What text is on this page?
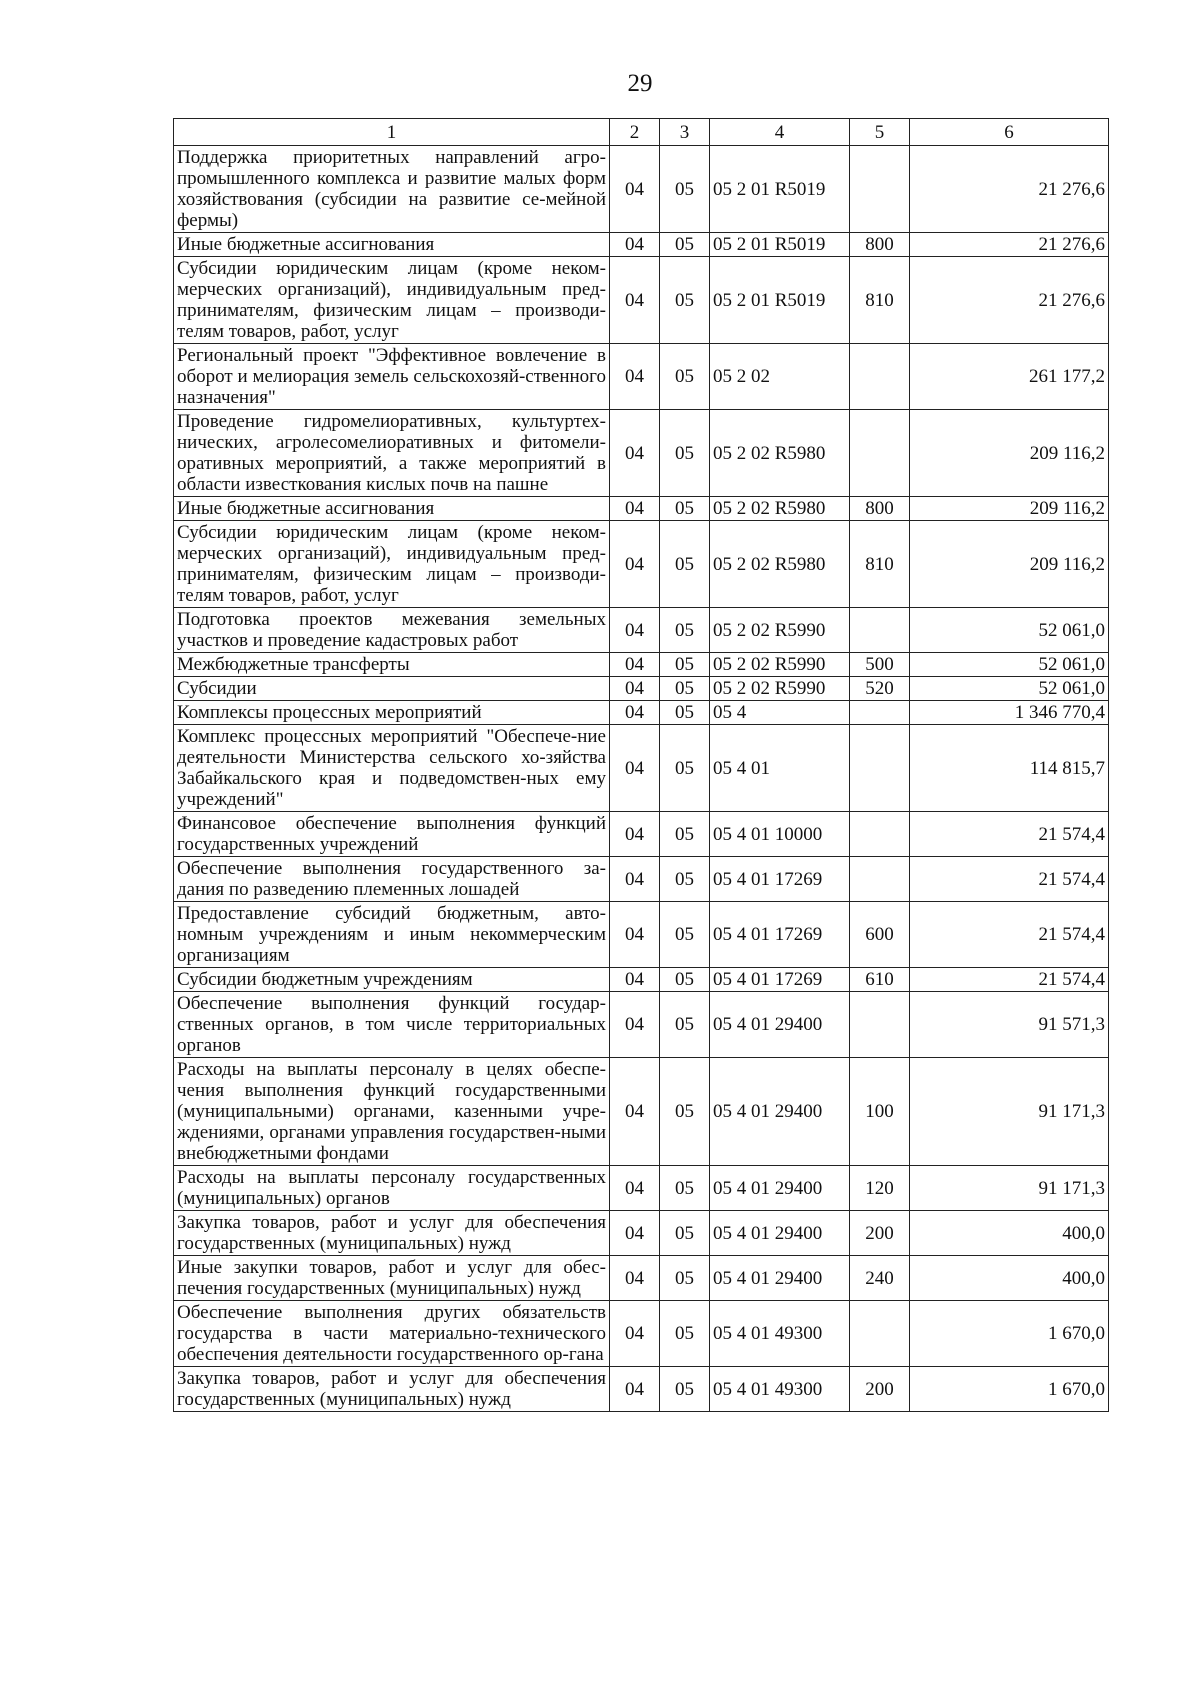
29
1	2	3	4	5	6
Поддержка приоритетных направлений агро-промышленного комплекса и развитие малых форм хозяйствования (субсидии на развитие се-мейной фермы)	04	05	05 2 01 R5019		21 276,6
Иные бюджетные ассигнования	04	05	05 2 01 R5019	800	21 276,6
Субсидии юридическим лицам (кроме неком-мерческих организаций), индивидуальным пред-принимателям, физическим лицам – производи-телям товаров, работ, услуг	04	05	05 2 01 R5019	810	21 276,6
Региональный проект "Эффективное вовлечение в оборот и мелиорация земель сельскохозяй-ственного назначения"	04	05	05 2 02		261 177,2
Проведение гидромелиоративных, культуртех-нических, агролесомелиоративных и фитомели-оративных мероприятий, а также мероприятий в области известкования кислых почв на пашне	04	05	05 2 02 R5980		209 116,2
Иные бюджетные ассигнования	04	05	05 2 02 R5980	800	209 116,2
Субсидии юридическим лицам (кроме неком-мерческих организаций), индивидуальным пред-принимателям, физическим лицам – производи-телям товаров, работ, услуг	04	05	05 2 02 R5980	810	209 116,2
Подготовка проектов межевания земельных участков и проведение кадастровых работ	04	05	05 2 02 R5990		52 061,0
Межбюджетные трансферты	04	05	05 2 02 R5990	500	52 061,0
Субсидии	04	05	05 2 02 R5990	520	52 061,0
Комплексы процессных мероприятий	04	05	05 4		1 346 770,4
Комплекс процессных мероприятий "Обеспече-ние деятельности Министерства сельского хо-зяйства Забайкальского края и подведомствен-ных ему учреждений"	04	05	05 4 01		114 815,7
Финансовое обеспечение выполнения функций государственных учреждений	04	05	05 4 01 10000		21 574,4
Обеспечение выполнения государственного за-дания по разведению племенных лошадей	04	05	05 4 01 17269		21 574,4
Предоставление субсидий бюджетным, авто-номным учреждениям и иным некоммерческим организациям	04	05	05 4 01 17269	600	21 574,4
Субсидии бюджетным учреждениям	04	05	05 4 01 17269	610	21 574,4
Обеспечение выполнения функций государ-ственных органов, в том числе территориальных органов	04	05	05 4 01 29400		91 571,3
Расходы на выплаты персоналу в целях обеспе-чения выполнения функций государственными (муниципальными) органами, казенными учре-ждениями, органами управления государствен-ными внебюджетными фондами	04	05	05 4 01 29400	100	91 171,3
Расходы на выплаты персоналу государственных (муниципальных) органов	04	05	05 4 01 29400	120	91 171,3
Закупка товаров, работ и услуг для обеспечения государственных (муниципальных) нужд	04	05	05 4 01 29400	200	400,0
Иные закупки товаров, работ и услуг для обес-печения государственных (муниципальных) нужд	04	05	05 4 01 29400	240	400,0
Обеспечение выполнения других обязательств государства в части материально-технического обеспечения деятельности государственного ор-гана	04	05	05 4 01 49300		1 670,0
Закупка товаров, работ и услуг для обеспечения государственных (муниципальных) нужд	04	05	05 4 01 49300	200	1 670,0
